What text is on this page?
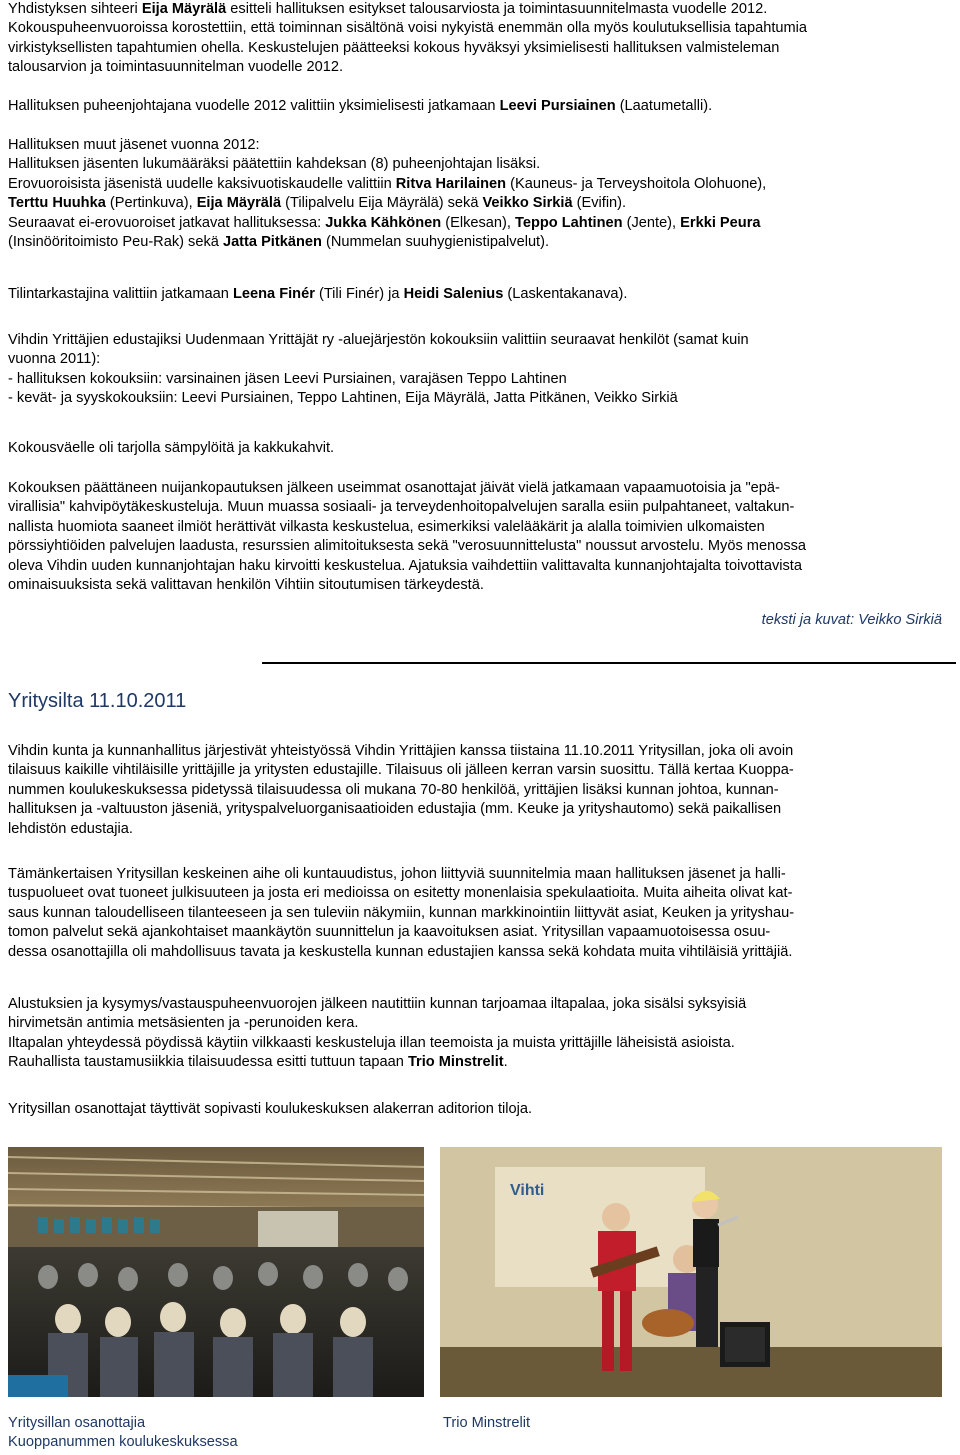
Yhdistyksen sihteeri Eija Mäyrälä esitteli hallituksen esitykset talousarviosta ja toimintasuunnitelmasta vuodelle 2012.
Kokouspuheenvuoroissa korostettiin, että toiminnan sisältönä voisi nykyistä enemmän olla myös koulutuksellisia tapahtumia
virkistyksellisten tapahtumien ohella. Keskustelujen päätteeksi kokous hyväksyi yksimielisesti hallituksen valmisteleman
talousarvion ja toimintasuunnitelman vuodelle 2012.
Hallituksen puheenjohtajana vuodelle 2012 valittiin yksimielisesti jatkamaan Leevi Pursiainen (Laatumetalli).
Hallituksen muut jäsenet vuonna 2012:
Hallituksen jäsenten lukumääräksi päätettiin kahdeksan (8) puheenjohtajan lisäksi.
Erovuoroisista jäsenistä uudelle kaksivuotiskaudelle valittiin Ritva Harilainen (Kauneus- ja Terveyshoitola Olohuone),
Terttu Huuhka (Pertinkuva), Eija Mäyrälä (Tilipalvelu Eija Mäyrälä) sekä Veikko Sirkiä (Evifin).
Seuraavat ei-erovuoroiset jatkavat hallituksessa: Jukka Kähkönen (Elkesan), Teppo Lahtinen (Jente), Erkki Peura
(Insinööritoimisto Peu-Rak) sekä Jatta Pitkänen (Nummelan suuhygienistipalvelut).
Tilintarkastajina valittiin jatkamaan Leena Finér (Tili Finér) ja Heidi Salenius (Laskentakanava).
Vihdin Yrittäjien edustajiksi Uudenmaan Yrittäjät ry -aluejärjestön kokouksiin valittiin seuraavat henkilöt (samat kuin
vuonna 2011):
- hallituksen kokouksiin: varsinainen jäsen Leevi Pursiainen, varajäsen Teppo Lahtinen
- kevät- ja syyskokouksiin: Leevi Pursiainen, Teppo Lahtinen, Eija Mäyrälä, Jatta Pitkänen, Veikko Sirkiä
Kokousväelle oli tarjolla sämpylöitä ja kakkukahvit.
Kokouksen päättäneen nuijankopautuksen jälkeen useimmat osanottajat jäivät vielä jatkamaan vapaamuotoisia ja "epä-
virallisia" kahvipöytäkeskusteluja. Muun muassa sosiaali- ja terveydenhoitopalvelujen saralla esiin pulpahtaneet, valtakun-
nallista huomiota saaneet ilmiöt herättivät vilkasta keskustelua, esimerkiksi valelääkärit ja alalla toimivien ulkomaisten
pörssiyhtiöiden palvelujen laadusta, resurssien alimitoituksesta sekä "verosuunnittelusta" noussut arvostelu. Myös menossa
oleva Vihdin uuden kunnanjohtajan haku kirvoitti keskustelua. Ajatuksia vaihdettiin valittavalta kunnanjohtajalta toivottavista
ominaisuuksista sekä valittavan henkilön Vihtiin sitoutumisen tärkeydestä.
teksti ja kuvat: Veikko Sirkiä
Yritysilta 11.10.2011
Vihdin kunta ja kunnanhallitus järjestivät yhteistyössä Vihdin Yrittäjien kanssa tiistaina 11.10.2011 Yritysillan, joka oli avoin
tilaisuus kaikille vihtiläisille yrittäjille ja yritysten edustajille. Tilaisuus oli jälleen kerran varsin suosittu. Tällä kertaa Kuoppa-
nummen koulukeskuksessa pidetyssä tilaisuudessa oli mukana 70-80 henkilöä, yrittäjien lisäksi kunnan johtoa, kunnan-
hallituksen ja -valtuuston jäseniä, yrityspalveluorganisaatioiden edustajia (mm. Keuke ja yrityshautomo) sekä paikallisen
lehdistön edustajia.
Tämänkertaisen Yritysillan keskeinen aihe oli kuntauudistus, johon liittyviä suunnitelmia maan hallituksen jäsenet ja halli-
tuspuolueet ovat tuoneet julkisuuteen ja josta eri medioissa on esitetty monenlaisia spekulaatioita. Muita aiheita olivat kat-
saus kunnan taloudelliseen tilanteeseen ja sen tuleviin näkymiin, kunnan markkinointiin liittyvät asiat, Keuken ja yrityshau-
tomon palvelut sekä ajankohtaiset maankäytön suunnittelun ja kaavoituksen asiat. Yritysillan vapaamuotoisessa osuu-
dessa osanottajilla oli mahdollisuus tavata ja keskustella kunnan edustajien kanssa sekä kohdata muita vihtiläisiä yrittäjiä.
Alustuksien ja kysymys/vastauspuheenvuorojen jälkeen nautittiin kunnan tarjoamaa iltapalaa, joka sisälsi syksyisiä
hirvimetsän antimia metsäsienten ja -perunoiden kera.
Iltapalan yhteydessä pöydissä käytiin vilkkaasti keskusteluja illan teemoista ja muista yrittäjille läheisistä asioista.
Rauhallista taustamusiikkia tilaisuudessa esitti tuttuun tapaan Trio Minstrelit.
Yritysillan osanottajat täyttivät sopivasti koulukeskuksen alakerran aditorion tiloja.
Vihti
Yritysillan osanottajia
Kuoppanummen koulukeskuksessa
Trio Minstrelit
